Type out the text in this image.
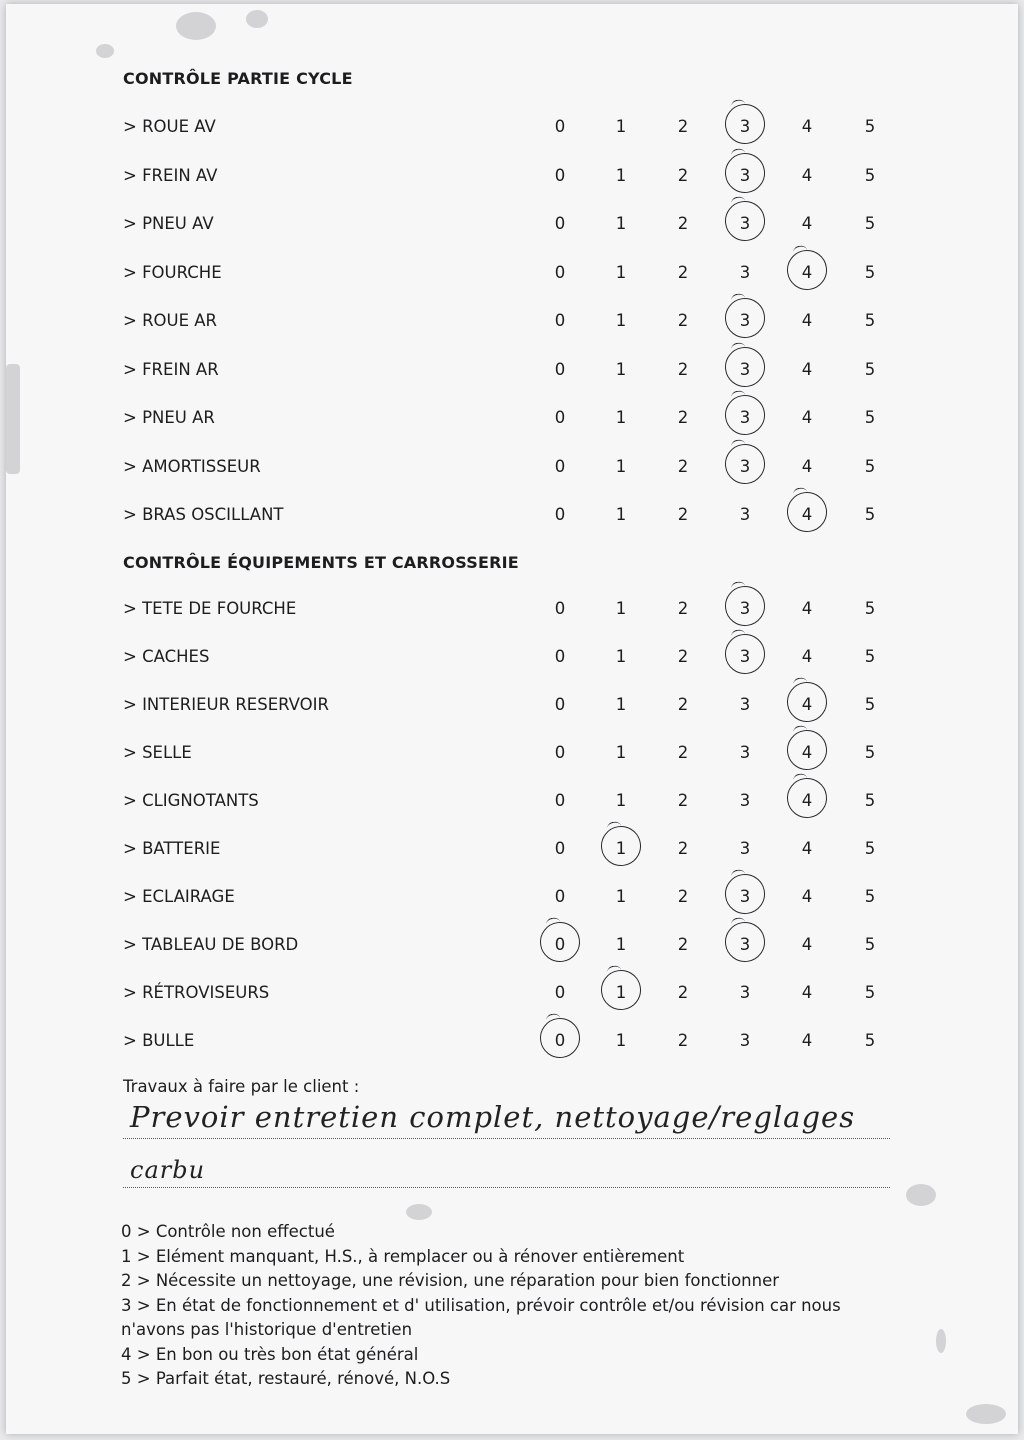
CONTRÔLE PARTIE CYCLE
> ROUE AV	0	1	2	3	4	5
> FREIN AV	0	1	2	3	4	5
> PNEU AV	0	1	2	3	4	5
> FOURCHE	0	1	2	3	4	5
> ROUE AR	0	1	2	3	4	5
> FREIN AR	0	1	2	3	4	5
> PNEU AR	0	1	2	3	4	5
> AMORTISSEUR	0	1	2	3	4	5
> BRAS OSCILLANT	0	1	2	3	4	5
CONTRÔLE ÉQUIPEMENTS ET CARROSSERIE
> TETE DE FOURCHE	0	1	2	3	4	5
> CACHES	0	1	2	3	4	5
> INTERIEUR RESERVOIR	0	1	2	3	4	5
> SELLE	0	1	2	3	4	5
> CLIGNOTANTS	0	1	2	3	4	5
> BATTERIE	0	1	2	3	4	5
> ECLAIRAGE	0	1	2	3	4	5
> TABLEAU DE BORD	0	1	2	3	4	5
> RÉTROVISEURS	0	1	2	3	4	5
> BULLE	0	1	2	3	4	5
Travaux à faire par le client :
Prevoir entretien complet, nettoyage/reglages
carbu
0 > Contrôle non effectué
1 > Elément manquant, H.S., à remplacer ou à rénover entièrement
2 > Nécessite un nettoyage, une révision, une réparation pour bien fonctionner
3 > En état de fonctionnement et d' utilisation, prévoir contrôle et/ou révision car nous
n'avons pas l'historique d'entretien
4 > En bon ou très bon état général
5 > Parfait état, restauré, rénové, N.O.S
